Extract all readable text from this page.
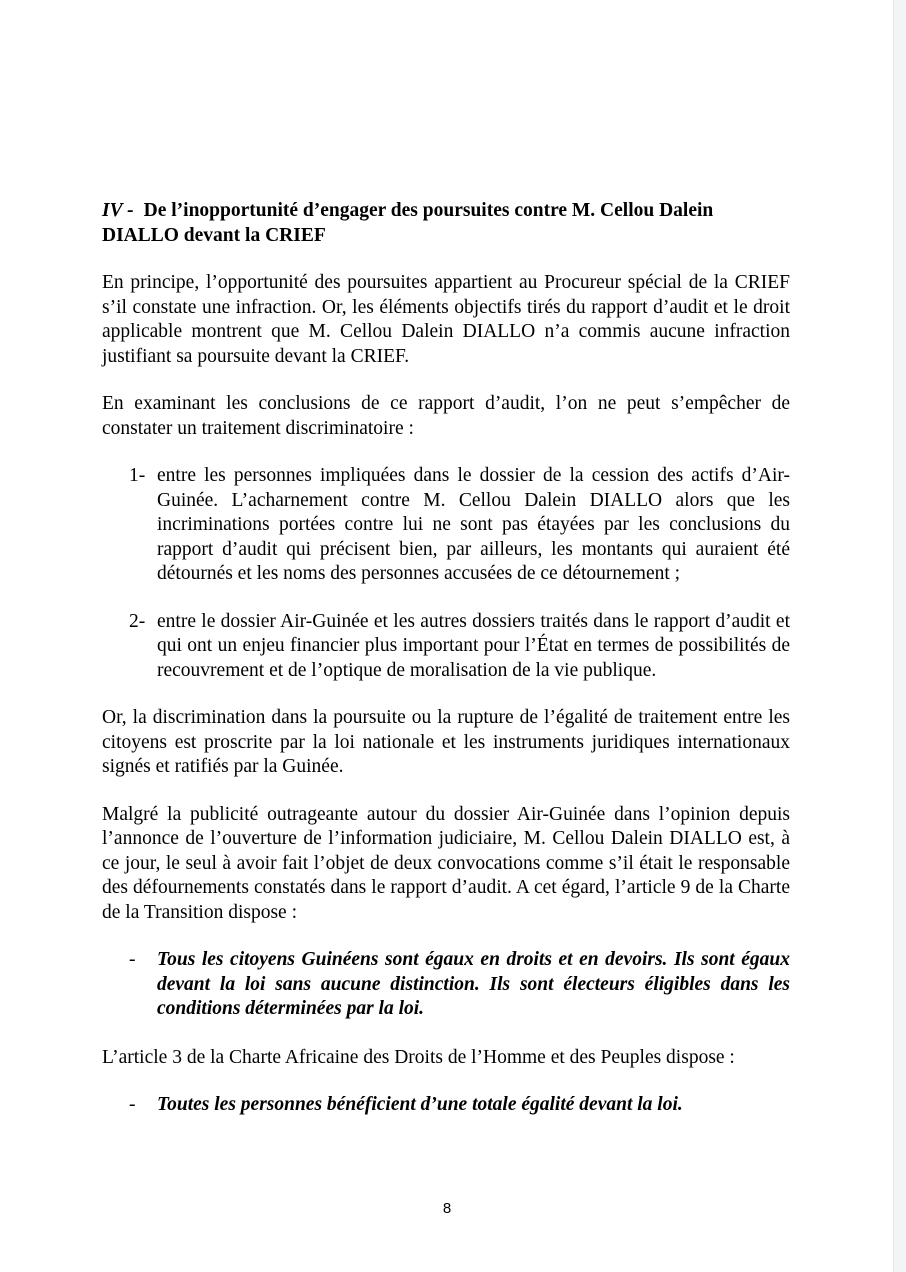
IV - De l’inopportunité d’engager des poursuites contre M. Cellou Dalein DIALLO devant la CRIEF

En principe, l’opportunité des poursuites appartient au Procureur spécial de la CRIEF s’il constate une infraction. Or, les éléments objectifs tirés du rapport d’audit et le droit applicable montrent que M. Cellou Dalein DIALLO n’a commis aucune infraction justifiant sa poursuite devant la CRIEF.

En examinant les conclusions de ce rapport d’audit, l’on ne peut s’empêcher de constater un traitement discriminatoire :

1- entre les personnes impliquées dans le dossier de la cession des actifs d’Air-Guinée. L’acharnement contre M. Cellou Dalein DIALLO alors que les incriminations portées contre lui ne sont pas étayées par les conclusions du rapport d’audit qui précisent bien, par ailleurs, les montants qui auraient été détournés et les noms des personnes accusées de ce détournement ;

2- entre le dossier Air-Guinée et les autres dossiers traités dans le rapport d’audit et qui ont un enjeu financier plus important pour l’État en termes de possibilités de recouvrement et de l’optique de moralisation de la vie publique.

Or, la discrimination dans la poursuite ou la rupture de l’égalité de traitement entre les citoyens est proscrite par la loi nationale et les instruments juridiques internationaux signés et ratifiés par la Guinée.

Malgré la publicité outrageante autour du dossier Air-Guinée dans l’opinion depuis l’annonce de l’ouverture de l’information judiciaire, M. Cellou Dalein DIALLO est, à ce jour, le seul à avoir fait l’objet de deux convocations comme s’il était le responsable des défournements constatés dans le rapport d’audit. A cet égard, l’article 9 de la Charte de la Transition dispose :

- Tous les citoyens Guinéens sont égaux en droits et en devoirs. Ils sont égaux devant la loi sans aucune distinction. Ils sont électeurs éligibles dans les conditions déterminées par la loi.

L’article 3 de la Charte Africaine des Droits de l’Homme et des Peuples dispose :

- Toutes les personnes bénéficient d’une totale égalité devant la loi.

8
